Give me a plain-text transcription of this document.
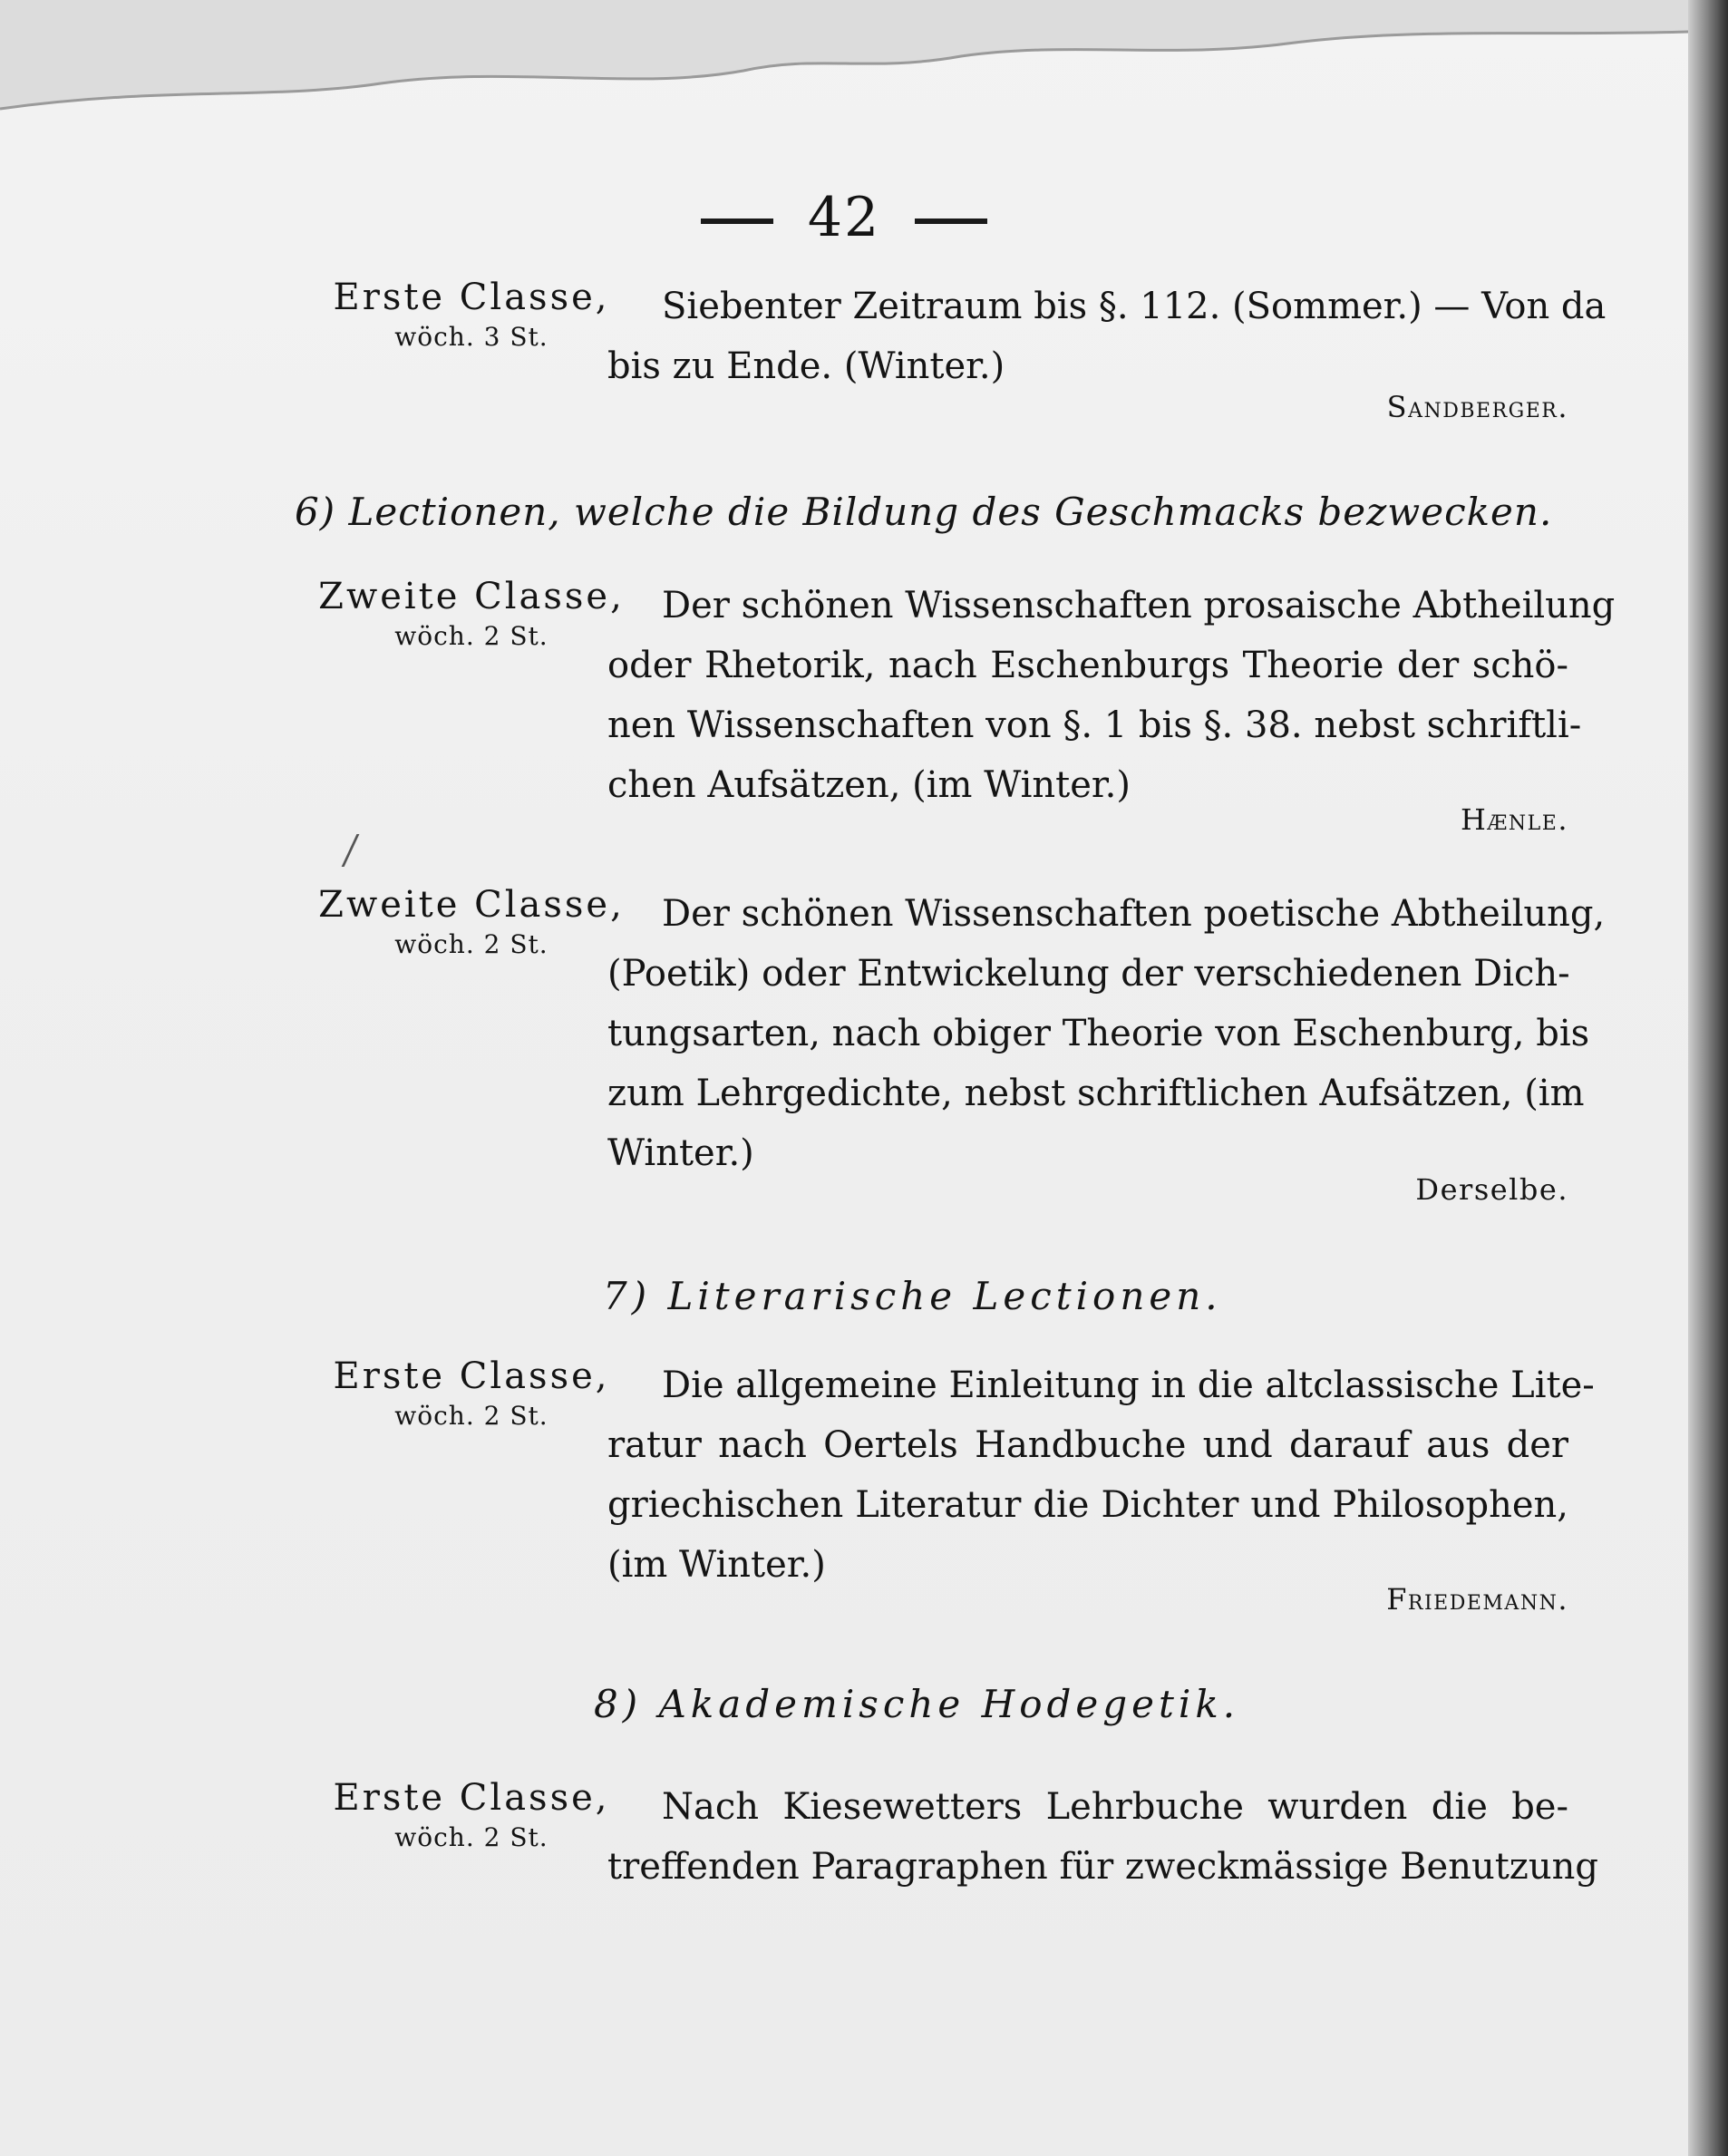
42
Erste Classe,
wöch. 3 St.
Siebenter Zeitraum bis §. 112. (Sommer.) — Von da
bis zu Ende. (Winter.)
Sandberger.
6) Lectionen, welche die Bildung des Geschmacks bezwecken.
Zweite Classe,
wöch. 2 St.
Der schönen Wissenschaften prosaische Abtheilung
oder Rhetorik, nach Eschenburgs Theorie der schö-
nen Wissenschaften von §. 1 bis §. 38. nebst schriftli-
chen Aufsätzen, (im Winter.)
Hænle.
Zweite Classe,
wöch. 2 St.
Der schönen Wissenschaften poetische Abtheilung,
(Poetik) oder Entwickelung der verschiedenen Dich-
tungsarten, nach obiger Theorie von Eschenburg, bis
zum Lehrgedichte, nebst schriftlichen Aufsätzen, (im
Winter.)
Derselbe.
7) Literarische Lectionen.
Erste Classe,
wöch. 2 St.
Die allgemeine Einleitung in die altclassische Lite-
ratur nach Oertels Handbuche und darauf aus der
griechischen Literatur die Dichter und Philosophen,
(im Winter.)
Friedemann.
8) Akademische Hodegetik.
Erste Classe,
wöch. 2 St.
Nach Kiesewetters Lehrbuche wurden die be-
treffenden Paragraphen für zweckmässige Benutzung
